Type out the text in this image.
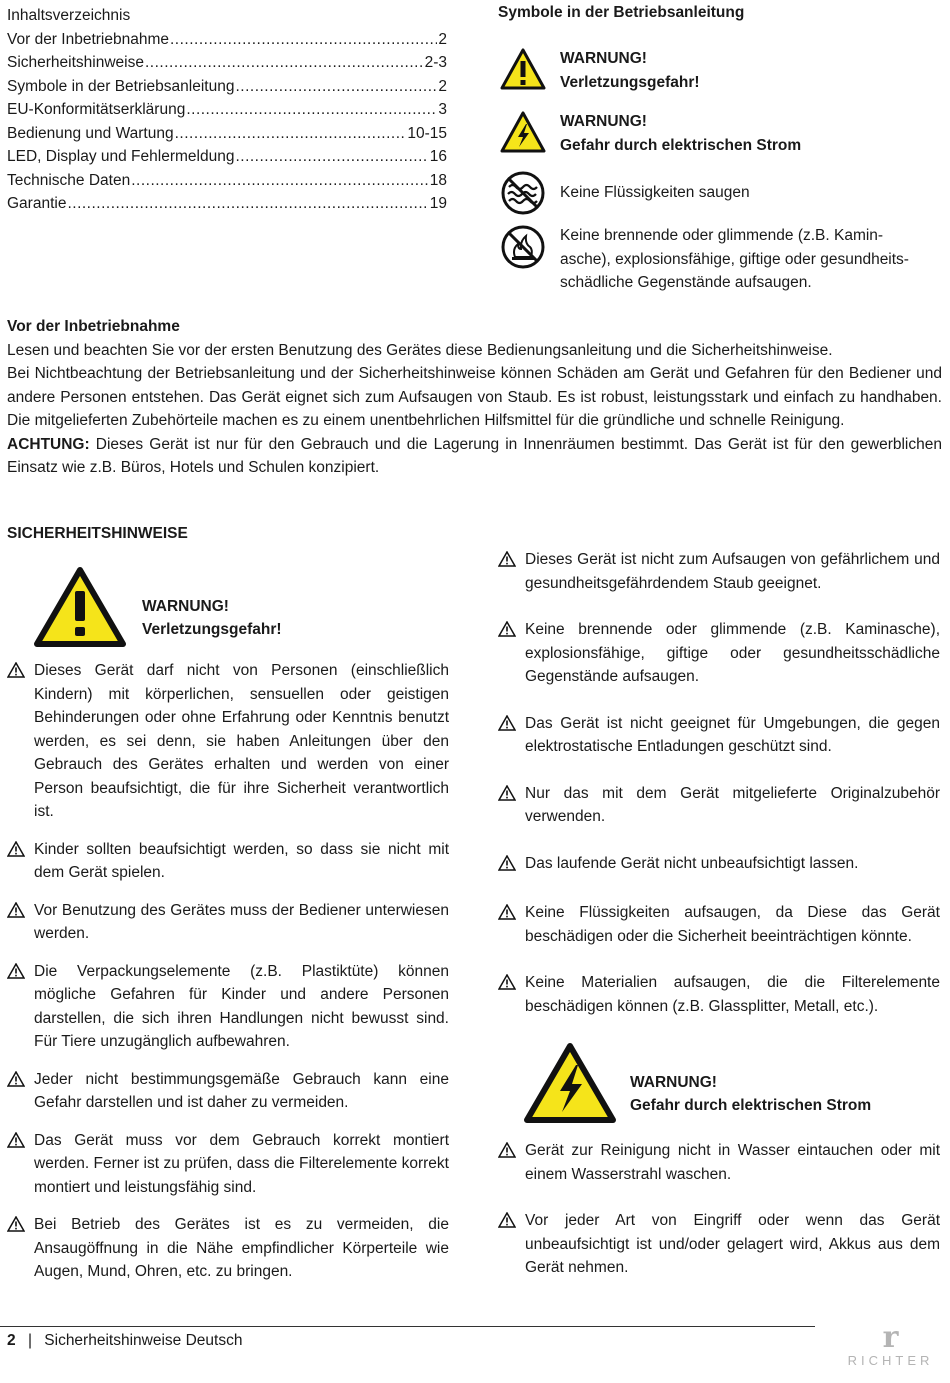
Inhaltsverzeichnis
Vor der Inbetriebnahme .....	2
Sicherheitshinweise .....	2-3
Symbole in der Betriebsanleitung .....	2
EU-Konformitätserklärung .....	3
Bedienung und Wartung .....	10-15
LED, Display und Fehlermeldung .....	16
Technische Daten .....	18
Garantie .....	19
Symbole in der Betriebsanleitung
WARNUNG!
Verletzungsgefahr!
WARNUNG!
Gefahr durch elektrischen Strom
Keine Flüssigkeiten saugen
Keine brennende oder glimmende (z.B. Kamin-
asche), explosionsfähige, giftige oder gesundheits-
schädliche Gegenstände aufsaugen.
Vor der Inbetriebnahme

Lesen und beachten Sie vor der ersten Benutzung des Gerätes diese Bedienungsanleitung und die Sicherheitshinweise.

Bei Nichtbeachtung der Betriebsanleitung und der Sicherheitshinweise können Schäden am Gerät und Gefahren für den Bediener und andere Personen entstehen. Das Gerät eignet sich zum Aufsaugen von Staub. Es ist robust, leistungsstark und einfach zu handhaben. Die mitgelieferten Zubehörteile machen es zu einem unentbehrlichen Hilfsmittel für die gründliche und schnelle Reinigung.

ACHTUNG: Dieses Gerät ist nur für den Gebrauch und die Lagerung in Innenräumen bestimmt. Das Gerät ist für den gewerblichen Einsatz wie z.B. Büros, Hotels und Schulen konzipiert.

SICHERHEITSHINWEISE
WARNUNG!
Verletzungsgefahr!
Dieses Gerät darf nicht von Personen (einschließlich Kindern) mit körperlichen, sensuellen oder geistigen Behinderungen oder ohne Erfahrung oder Kenntnis benutzt werden, es sei denn, sie haben Anleitungen über den Gebrauch des Gerätes erhalten und werden von einer Person beaufsichtigt, die für ihre Sicherheit verantwortlich ist.
Kinder sollten beaufsichtigt werden, so dass sie nicht mit dem Gerät spielen.
Vor Benutzung des Gerätes muss der Bediener unterwiesen werden.
Die Verpackungselemente (z.B. Plastiktüte) können mögliche Gefahren für Kinder und andere Personen darstellen, die sich ihren Handlungen nicht bewusst sind. Für Tiere unzugänglich aufbewahren.
Jeder nicht bestimmungsgemäße Gebrauch kann eine Gefahr darstellen und ist daher zu vermeiden.
Das Gerät muss vor dem Gebrauch korrekt montiert werden. Ferner ist zu prüfen, dass die Filterelemente korrekt montiert und leistungsfähig sind.
Bei Betrieb des Gerätes ist es zu vermeiden, die Ansaugöffnung in die Nähe empfindlicher Körperteile wie Augen, Mund, Ohren, etc. zu bringen.
Dieses Gerät ist nicht zum Aufsaugen von gefährlichem und gesundheitsgefährdendem Staub geeignet.
Keine brennende oder glimmende (z.B. Kaminasche), explosionsfähige, giftige oder gesundheitsschädliche Gegenstände aufsaugen.
Das Gerät ist nicht geeignet für Umgebungen, die gegen elektrostatische Entladungen geschützt sind.
Nur das mit dem Gerät mitgelieferte Originalzubehör verwenden.
Das laufende Gerät nicht unbeaufsichtigt lassen.
Keine Flüssigkeiten aufsaugen, da Diese das Gerät beschädigen oder die Sicherheit beeinträchtigen könnte.
Keine Materialien aufsaugen, die die Filterelemente beschädigen können (z.B. Glassplitter, Metall, etc.).
WARNUNG!
Gefahr durch elektrischen Strom
Gerät zur Reinigung nicht in Wasser eintauchen oder mit einem Wasserstrahl waschen.
Vor jeder Art von Eingriff oder wenn das Gerät unbeaufsichtigt ist und/oder gelagert wird, Akkus aus dem Gerät nehmen.
2 | Sicherheitshinweise Deutsch	r
RICHTER
